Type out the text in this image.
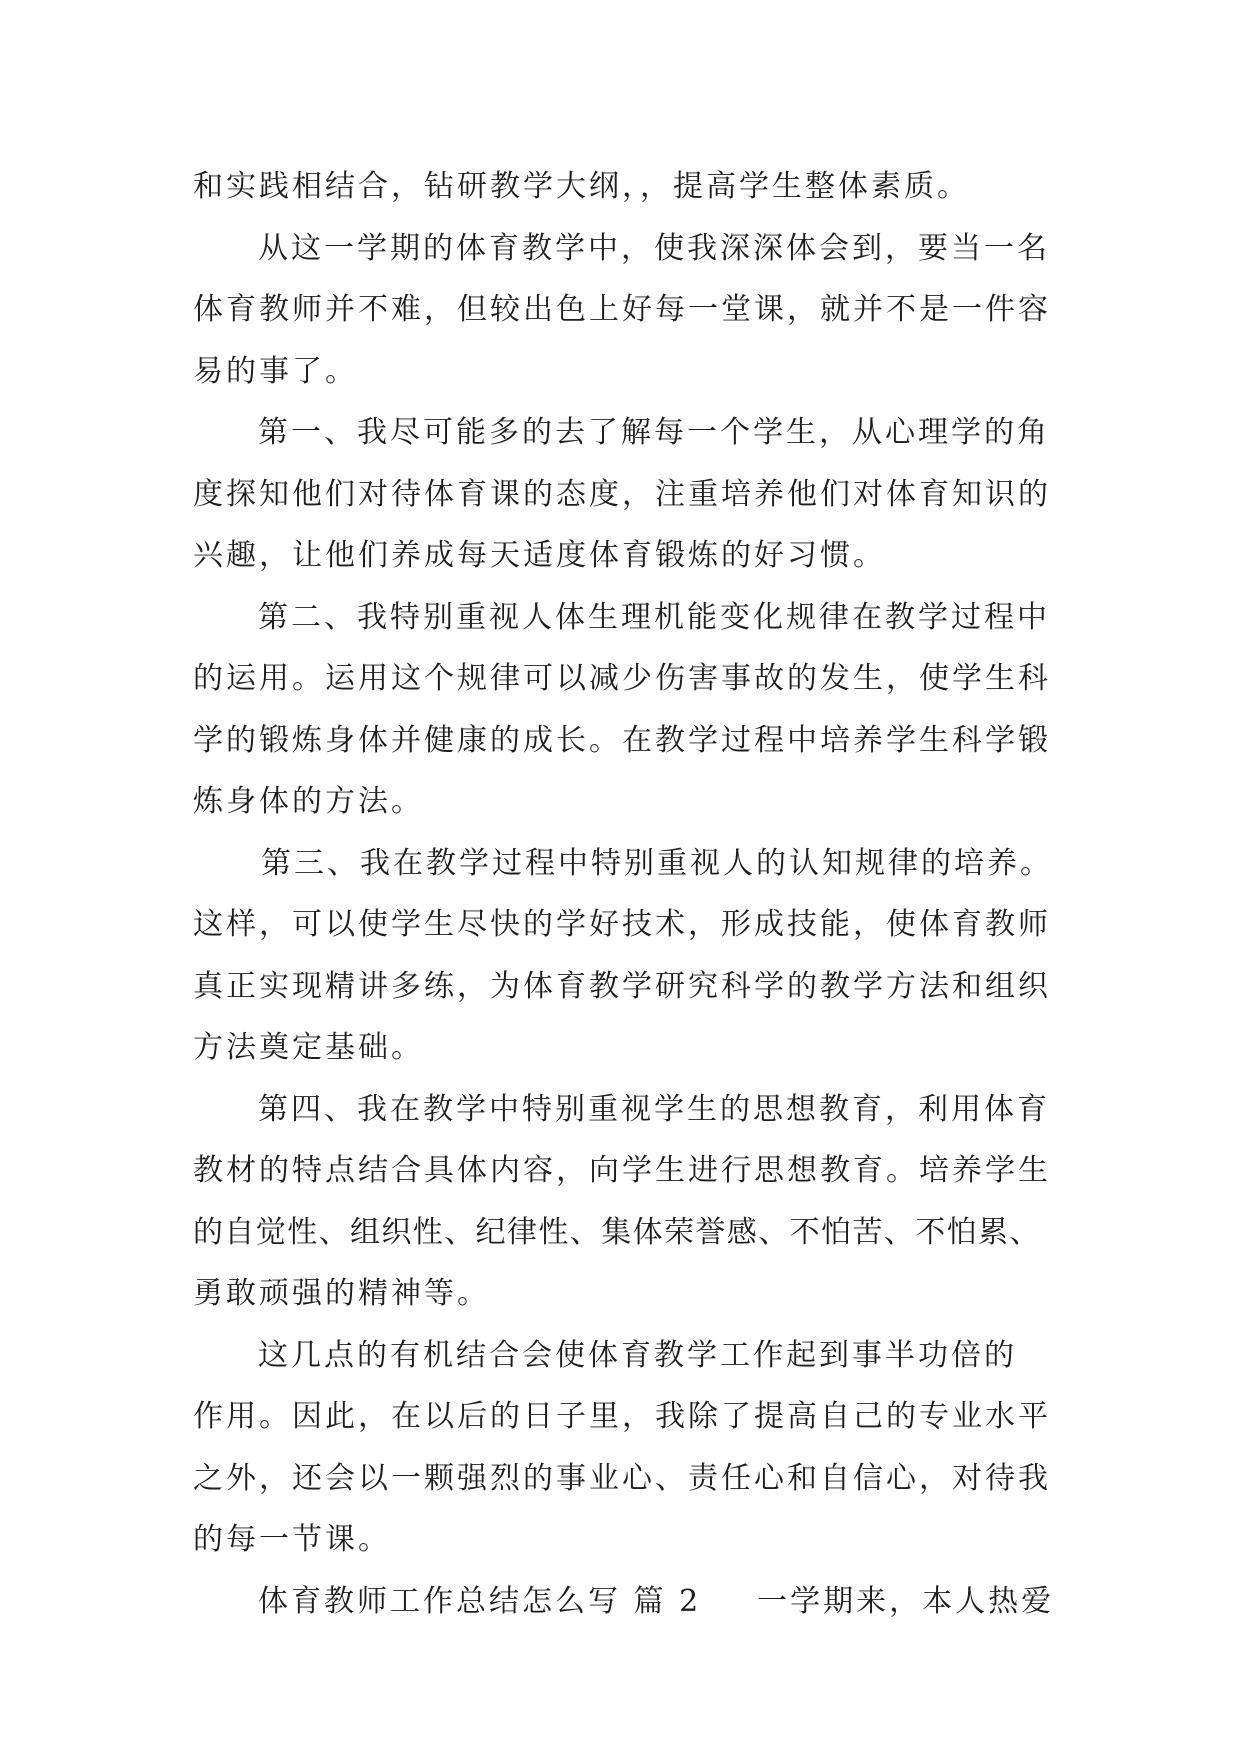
和实践相结合，钻研教学大纲，，提高学生整体素质。
从这一学期的体育教学中，使我深深体会到，要当一名
体育教师并不难，但较出色上好每一堂课，就并不是一件容
易的事了。
第一、我尽可能多的去了解每一个学生，从心理学的角
度探知他们对待体育课的态度，注重培养他们对体育知识的
兴趣，让他们养成每天适度体育锻炼的好习惯。
第二、我特别重视人体生理机能变化规律在教学过程中
的运用。运用这个规律可以减少伤害事故的发生，使学生科
学的锻炼身体并健康的成长。在教学过程中培养学生科学锻
炼身体的方法。
第三、我在教学过程中特别重视人的认知规律的培养。
这样，可以使学生尽快的学好技术，形成技能，使体育教师
真正实现精讲多练，为体育教学研究科学的教学方法和组织
方法奠定基础。
第四、我在教学中特别重视学生的思想教育，利用体育
教材的特点结合具体内容，向学生进行思想教育。培养学生
的自觉性、组织性、纪律性、集体荣誉感、不怕苦、不怕累、
勇敢顽强的精神等。
这几点的有机结合会使体育教学工作起到事半功倍的
作用。因此，在以后的日子里，我除了提高自己的专业水平
之外，还会以一颗强烈的事业心、责任心和自信心，对待我
的每一节课。
体育教师工作总结怎么写 篇 2 一学期来，本人热爱
